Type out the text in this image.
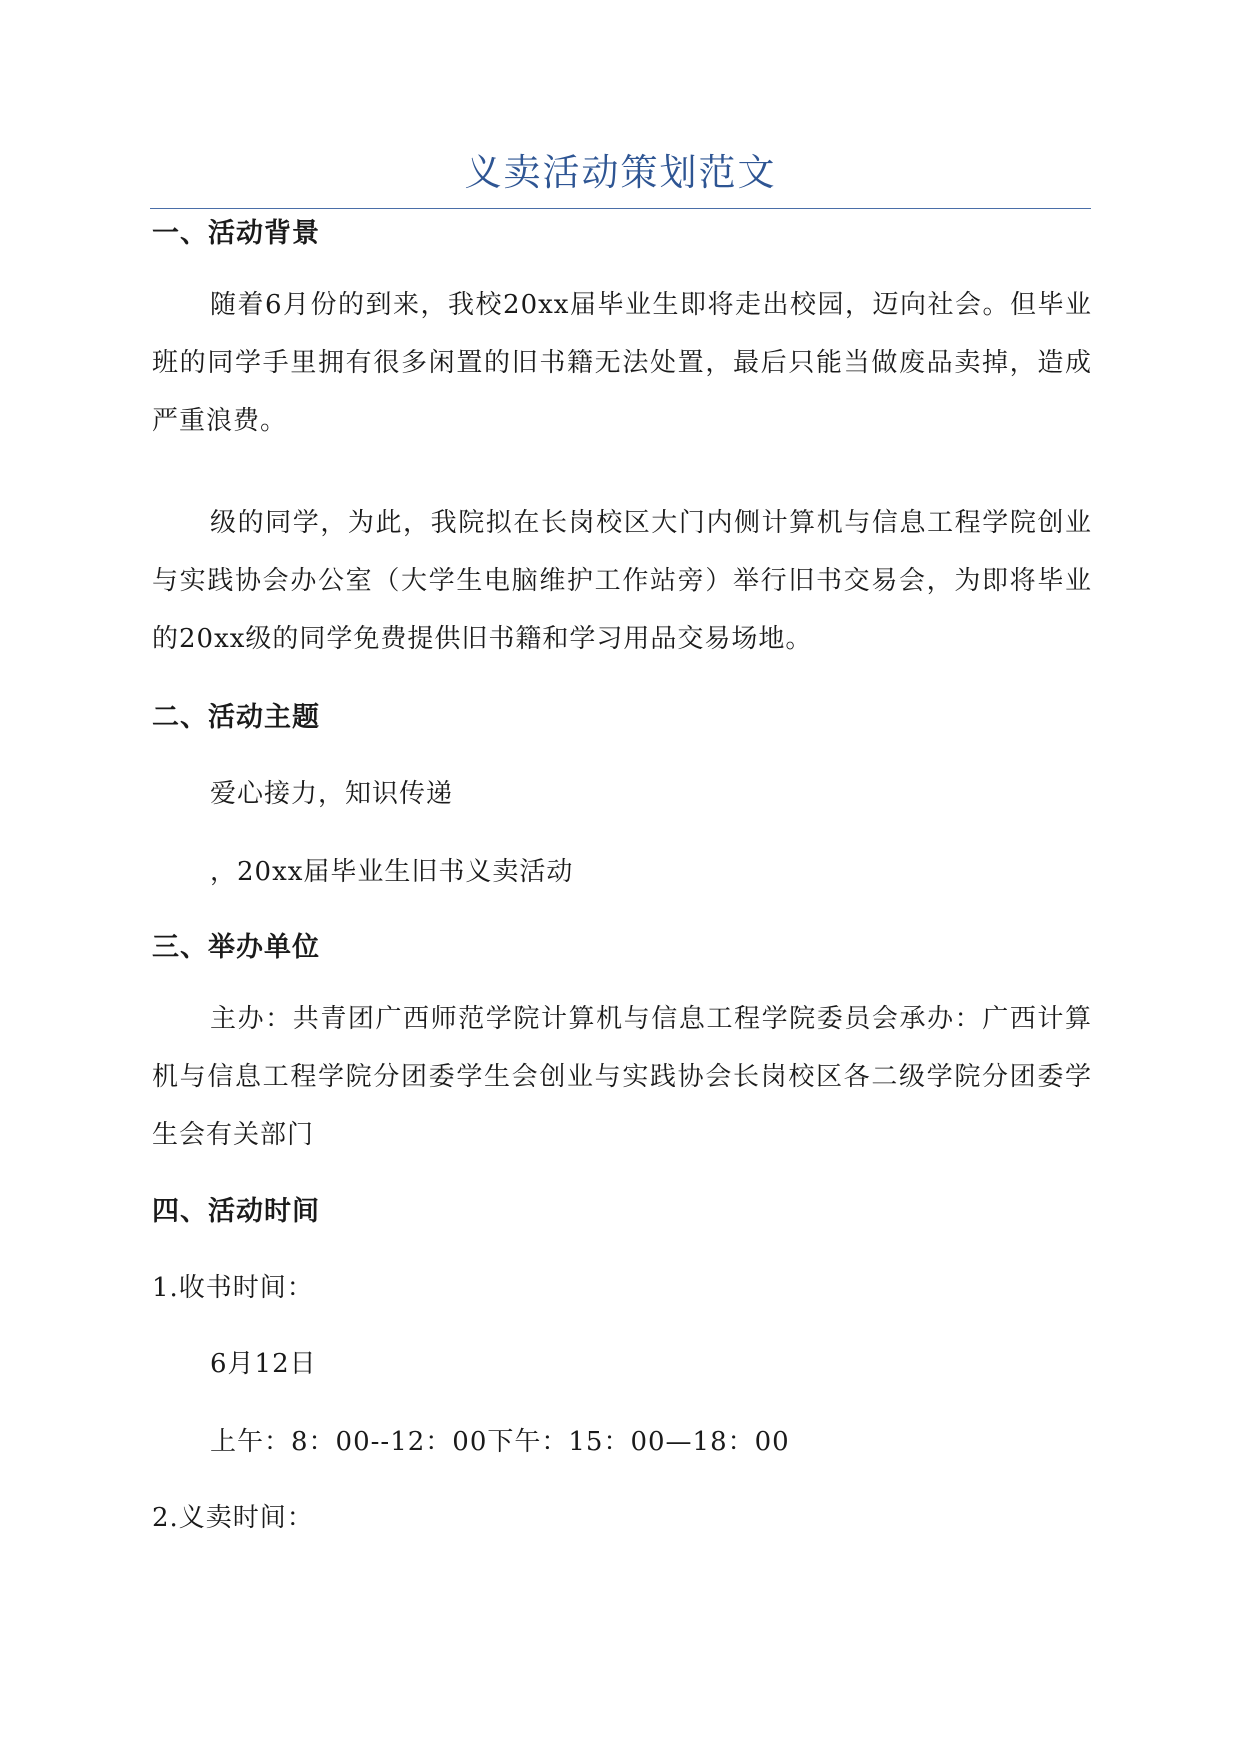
义卖活动策划范文
一、活动背景
随着6月份的到来，我校20xx届毕业生即将走出校园，迈向社会。但毕业班的同学手里拥有很多闲置的旧书籍无法处置，最后只能当做废品卖掉，造成严重浪费。
级的同学，为此，我院拟在长岗校区大门内侧计算机与信息工程学院创业与实践协会办公室（大学生电脑维护工作站旁）举行旧书交易会，为即将毕业的20xx级的同学免费提供旧书籍和学习用品交易场地。
二、活动主题
爱心接力，知识传递
，20xx届毕业生旧书义卖活动
三、举办单位
主办：共青团广西师范学院计算机与信息工程学院委员会承办：广西计算机与信息工程学院分团委学生会创业与实践协会长岗校区各二级学院分团委学生会有关部门
四、活动时间
1.收书时间：
6月12日
上午：8：00--12：00下午：15：00—18：00
2.义卖时间：
